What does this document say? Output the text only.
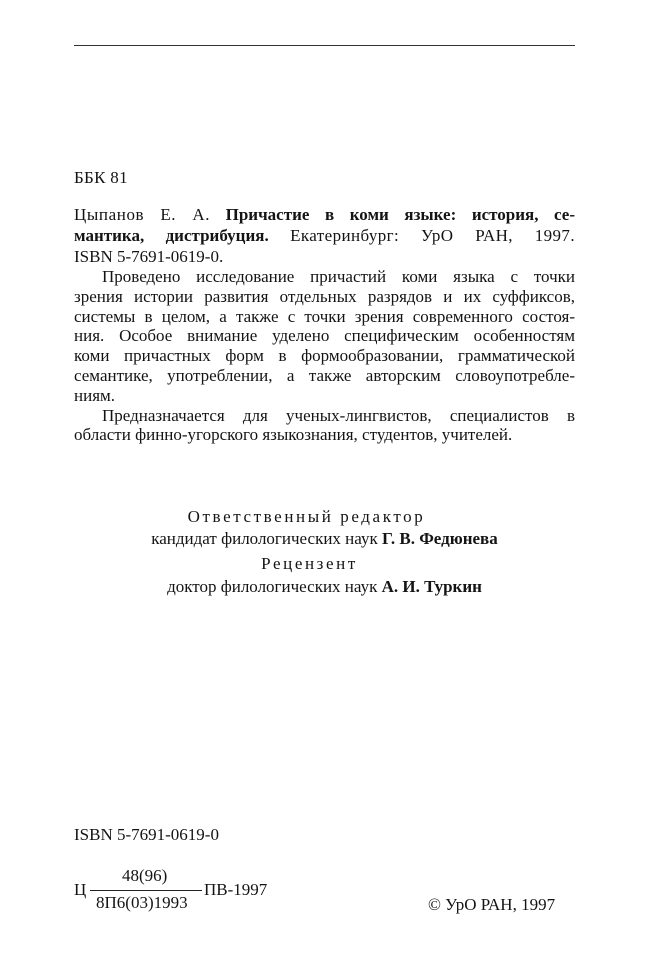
ББК 81
Цыпанов Е. А. Причастие в коми языке: история, се-
мантика, дистрибуция. Екатеринбург: УрО РАН, 1997.
ISBN 5-7691-0619-0.
Проведено исследование причастий коми языка с точки
зрения истории развития отдельных разрядов и их суффиксов,
системы в целом, а также с точки зрения современного состоя-
ния. Особое внимание уделено специфическим особенностям
коми причастных форм в формообразовании, грамматической
семантике, употреблении, а также авторским словоупотребле-
ниям.
Предназначается для ученых-лингвистов, специалистов в
области финно-угорского языкознания, студентов, учителей.
Ответственный редактор
кандидат филологических наук Г. В. Федюнева
Рецензент
доктор филологических наук А. И. Туркин
ISBN 5-7691-0619-0
Ц
48(96)
8П6(03)1993
ПВ-1997
© УрО РАН, 1997
